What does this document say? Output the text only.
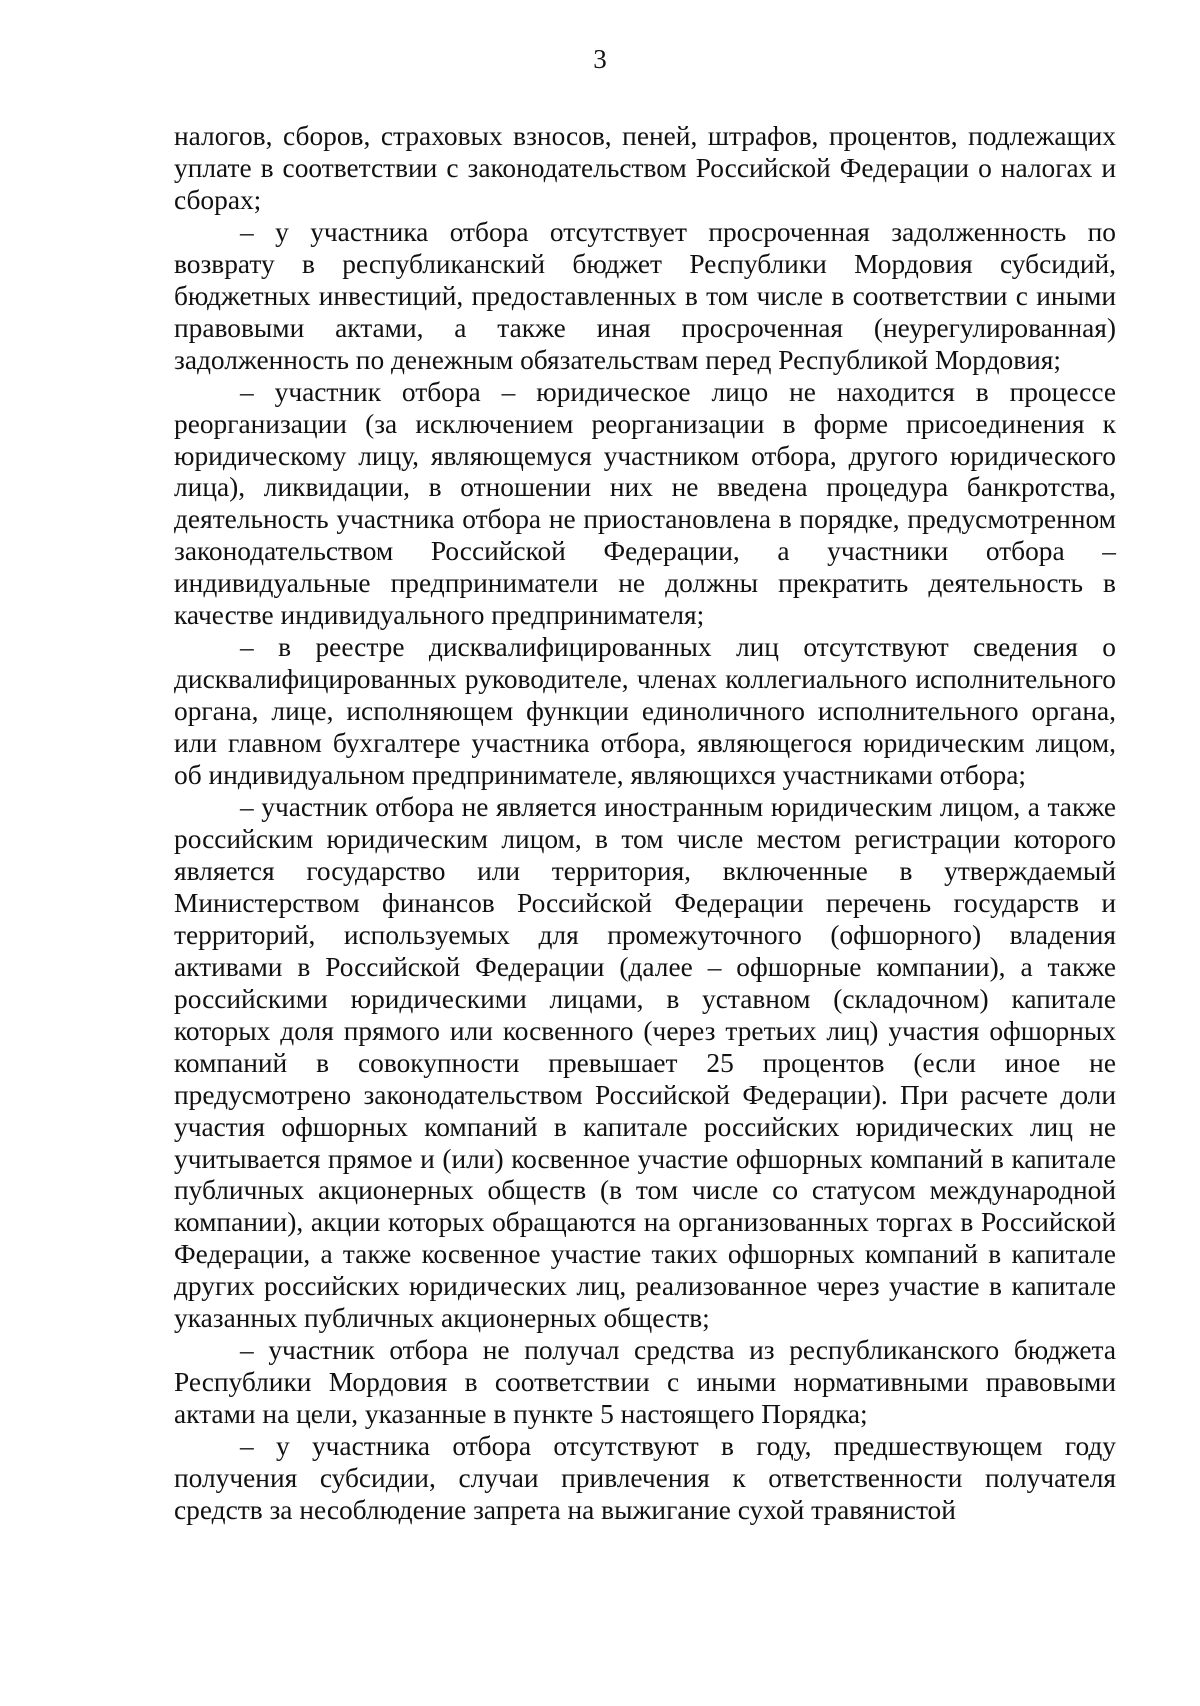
3

налогов, сборов, страховых взносов, пеней, штрафов, процентов, подлежащих уплате в соответствии с законодательством Российской Федерации о налогах и сборах;

– у участника отбора отсутствует просроченная задолженность по возврату в республиканский бюджет Республики Мордовия субсидий, бюджетных инвестиций, предоставленных в том числе в соответствии с иными правовыми актами, а также иная просроченная (неурегулированная) задолженность по денежным обязательствам перед Республикой Мордовия;

– участник отбора – юридическое лицо не находится в процессе реорганизации (за исключением реорганизации в форме присоединения к юридическому лицу, являющемуся участником отбора, другого юридического лица), ликвидации, в отношении них не введена процедура банкротства, деятельность участника отбора не приостановлена в порядке, предусмотренном законодательством Российской Федерации, а участники отбора – индивидуальные предприниматели не должны прекратить деятельность в качестве индивидуального предпринимателя;

– в реестре дисквалифицированных лиц отсутствуют сведения о дисквалифицированных руководителе, членах коллегиального исполнительного органа, лице, исполняющем функции единоличного исполнительного органа, или главном бухгалтере участника отбора, являющегося юридическим лицом, об индивидуальном предпринимателе, являющихся участниками отбора;

– участник отбора не является иностранным юридическим лицом, а также российским юридическим лицом, в том числе местом регистрации которого является государство или территория, включенные в утверждаемый Министерством финансов Российской Федерации перечень государств и территорий, используемых для промежуточного (офшорного) владения активами в Российской Федерации (далее – офшорные компании), а также российскими юридическими лицами, в уставном (складочном) капитале которых доля прямого или косвенного (через третьих лиц) участия офшорных компаний в совокупности превышает 25 процентов (если иное не предусмотрено законодательством Российской Федерации). При расчете доли участия офшорных компаний в капитале российских юридических лиц не учитывается прямое и (или) косвенное участие офшорных компаний в капитале публичных акционерных обществ (в том числе со статусом международной компании), акции которых обращаются на организованных торгах в Российской Федерации, а также косвенное участие таких офшорных компаний в капитале других российских юридических лиц, реализованное через участие в капитале указанных публичных акционерных обществ;

– участник отбора не получал средства из республиканского бюджета Республики Мордовия в соответствии с иными нормативными правовыми актами на цели, указанные в пункте 5 настоящего Порядка;

– у участника отбора отсутствуют в году, предшествующем году получения субсидии, случаи привлечения к ответственности получателя средств за несоблюдение запрета на выжигание сухой травянистой
